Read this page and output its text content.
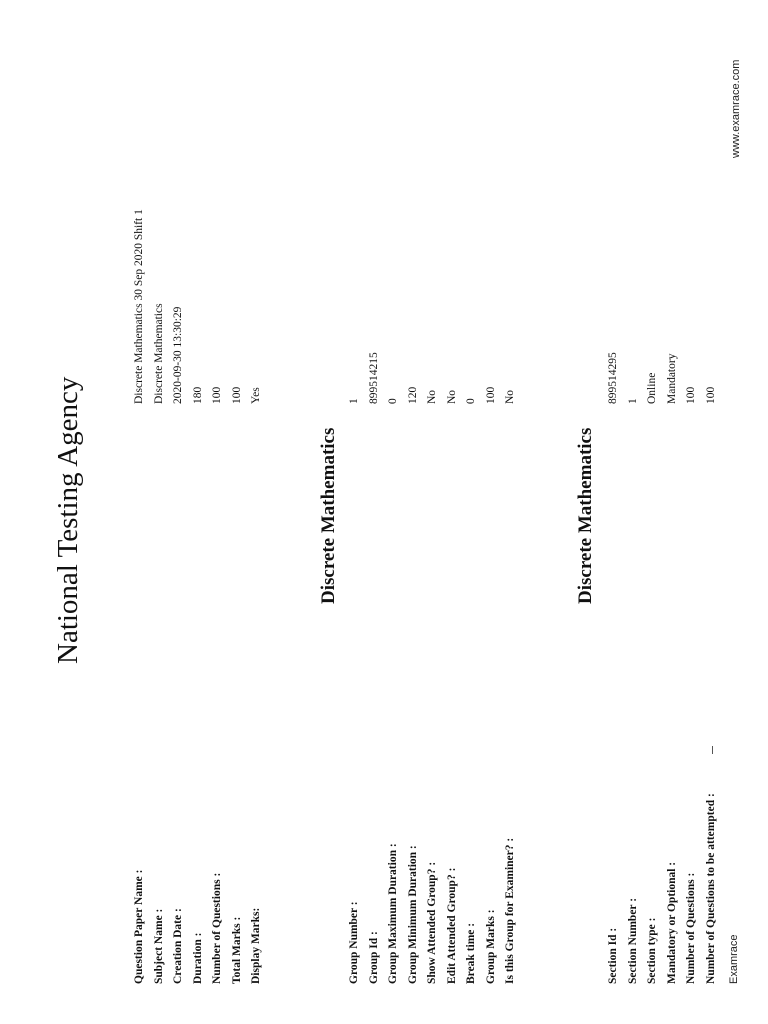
National Testing Agency
Question Paper Name :
Discrete Mathematics 30 Sep 2020 Shift 1
Subject Name :
Discrete Mathematics
Creation Date :
2020-09-30 13:30:29
Duration :
180
Number of Questions :
100
Total Marks :
100
Display Marks:
Yes
Discrete Mathematics
Group Number :
1
Group Id :
899514215
Group Maximum Duration :
0
Group Minimum Duration :
120
Show Attended Group? :
No
Edit Attended Group? :
No
Break time :
0
Group Marks :
100
Is this Group for Examiner? :
No
Discrete Mathematics
Section Id :
899514295
Section Number :
1
Section type :
Online
Mandatory or Optional :
Mandatory
Number of Questions :
100
Number of Questions to be attempted :
100
Examrace
www.examrace.com
